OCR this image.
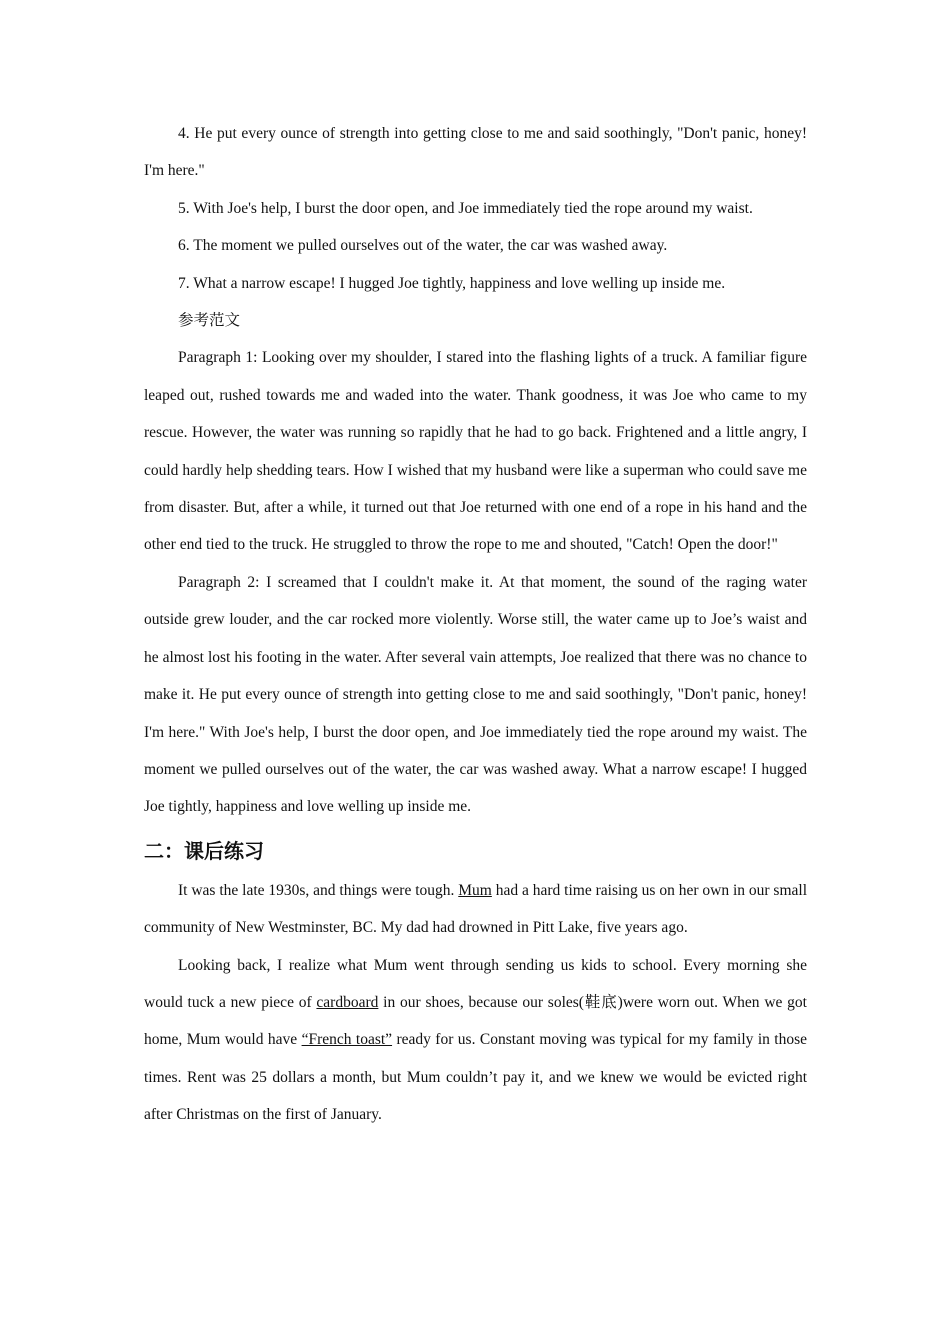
4. He put every ounce of strength into getting close to me and said soothingly, "Don't panic, honey! I'm here."

5. With Joe's help, I burst the door open, and Joe immediately tied the rope around my waist.

6. The moment we pulled ourselves out of the water, the car was washed away.

7. What a narrow escape! I hugged Joe tightly, happiness and love welling up inside me.

参考范文

Paragraph 1: Looking over my shoulder, I stared into the flashing lights of a truck. A familiar figure leaped out, rushed towards me and waded into the water. Thank goodness, it was Joe who came to my rescue. However, the water was running so rapidly that he had to go back. Frightened and a little angry, I could hardly help shedding tears. How I wished that my husband were like a superman who could save me from disaster. But, after a while, it turned out that Joe returned with one end of a rope in his hand and the other end tied to the truck. He struggled to throw the rope to me and shouted, "Catch! Open the door!"

Paragraph 2: I screamed that I couldn't make it. At that moment, the sound of the raging water outside grew louder, and the car rocked more violently. Worse still, the water came up to Joe’s waist and he almost lost his footing in the water. After several vain attempts, Joe realized that there was no chance to make it. He put every ounce of strength into getting close to me and said soothingly, "Don't panic, honey! I'm here." With Joe's help, I burst the door open, and Joe immediately tied the rope around my waist. The moment we pulled ourselves out of the water, the car was washed away. What a narrow escape! I hugged Joe tightly, happiness and love welling up inside me.

二：课后练习

It was the late 1930s, and things were tough. Mum had a hard time raising us on her own in our small community of New Westminster, BC. My dad had drowned in Pitt Lake, five years ago.

Looking back, I realize what Mum went through sending us kids to school. Every morning she would tuck a new piece of cardboard in our shoes, because our soles(鞋底)were worn out. When we got home, Mum would have “French toast” ready for us. Constant moving was typical for my family in those times. Rent was 25 dollars a month, but Mum couldn’t pay it, and we knew we would be evicted right after Christmas on the first of January.
